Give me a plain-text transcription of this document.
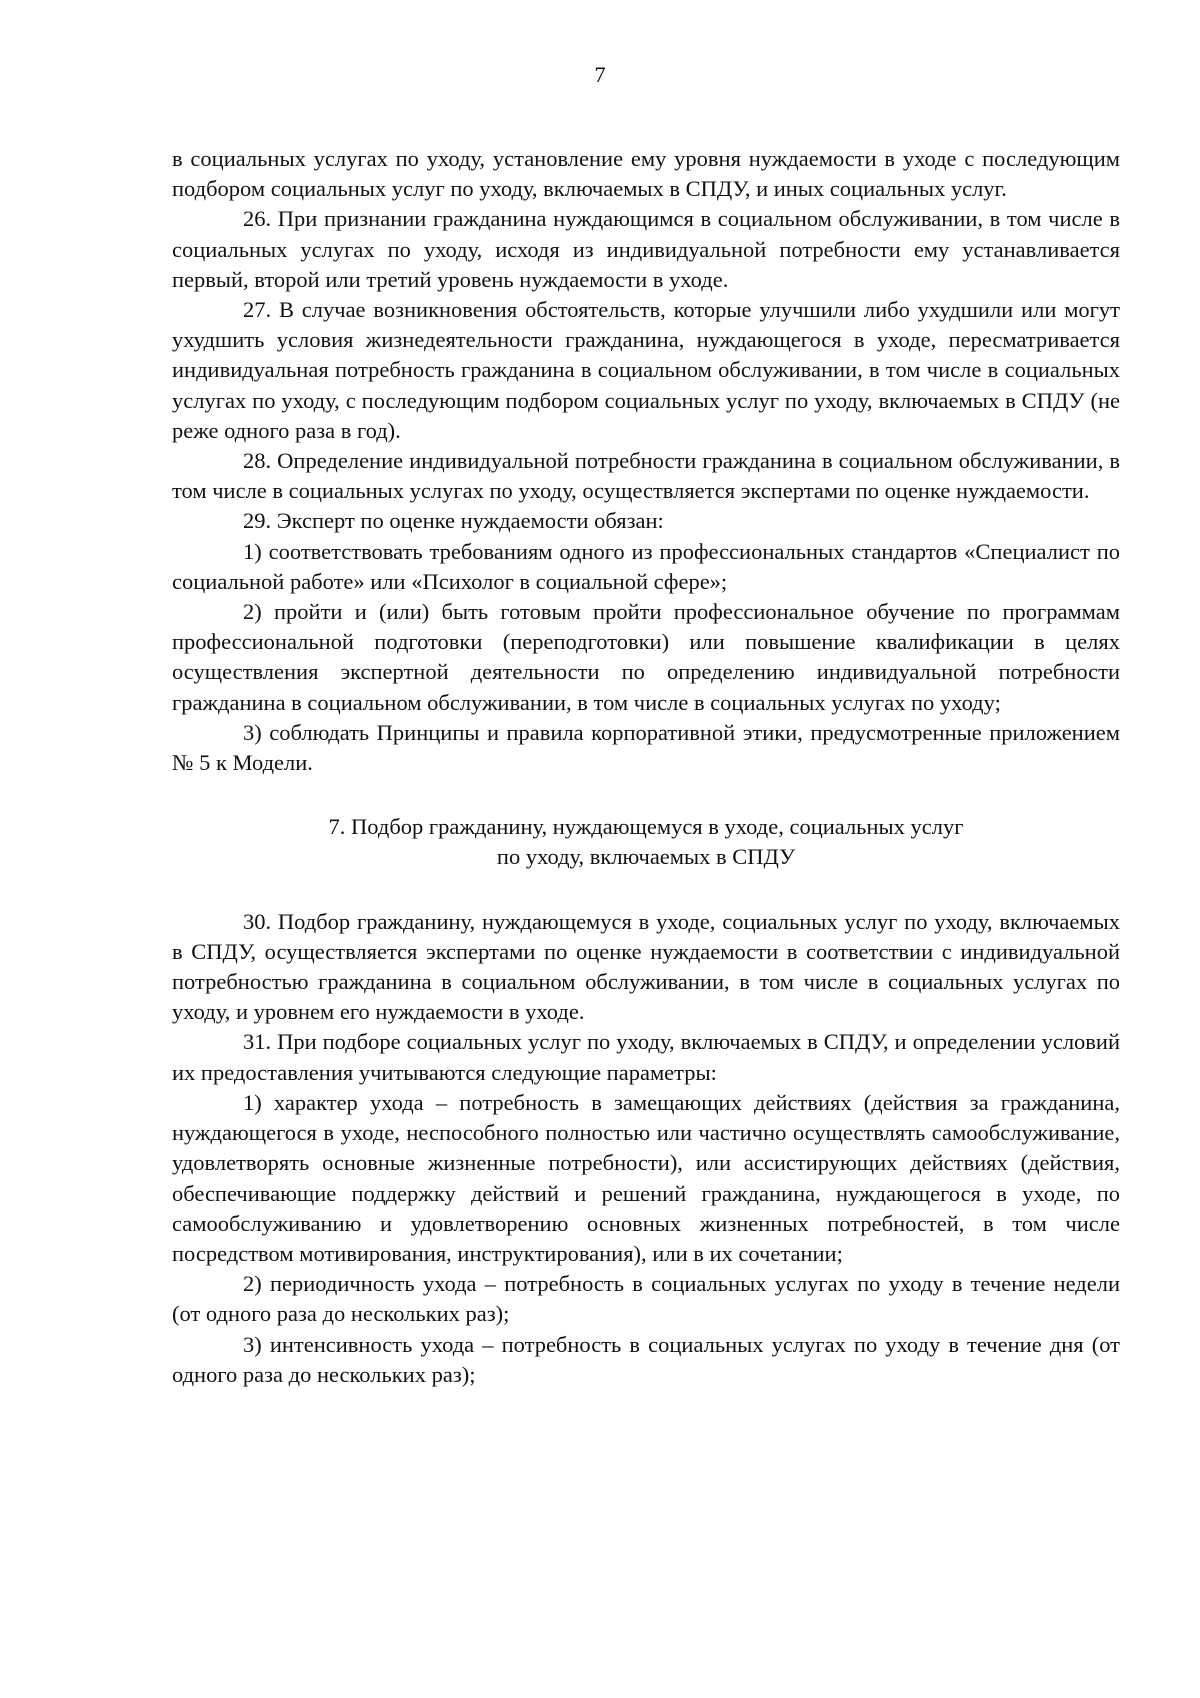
7

в социальных услугах по уходу, установление ему уровня нуждаемости в уходе с последующим подбором социальных услуг по уходу, включаемых в СПДУ, и иных социальных услуг.

26. При признании гражданина нуждающимся в социальном обслуживании, в том числе в социальных услугах по уходу, исходя из индивидуальной потребности ему устанавливается первый, второй или третий уровень нуждаемости в уходе.

27. В случае возникновения обстоятельств, которые улучшили либо ухудшили или могут ухудшить условия жизнедеятельности гражданина, нуждающегося в уходе, пересматривается индивидуальная потребность гражданина в социальном обслуживании, в том числе в социальных услугах по уходу, с последующим подбором социальных услуг по уходу, включаемых в СПДУ (не реже одного раза в год).

28. Определение индивидуальной потребности гражданина в социальном обслуживании, в том числе в социальных услугах по уходу, осуществляется экспертами по оценке нуждаемости.

29. Эксперт по оценке нуждаемости обязан:

1) соответствовать требованиям одного из профессиональных стандартов «Специалист по социальной работе» или «Психолог в социальной сфере»;

2) пройти и (или) быть готовым пройти профессиональное обучение по программам профессиональной подготовки (переподготовки) или повышение квалификации в целях осуществления экспертной деятельности по определению индивидуальной потребности гражданина в социальном обслуживании, в том числе в социальных услугах по уходу;

3) соблюдать Принципы и правила корпоративной этики, предусмотренные приложением № 5 к Модели.

7. Подбор гражданину, нуждающемуся в уходе, социальных услуг
по уходу, включаемых в СПДУ

30. Подбор гражданину, нуждающемуся в уходе, социальных услуг по уходу, включаемых в СПДУ, осуществляется экспертами по оценке нуждаемости в соответствии с индивидуальной потребностью гражданина в социальном обслуживании, в том числе в социальных услугах по уходу, и уровнем его нуждаемости в уходе.

31. При подборе социальных услуг по уходу, включаемых в СПДУ, и определении условий их предоставления учитываются следующие параметры:

1) характер ухода – потребность в замещающих действиях (действия за гражданина, нуждающегося в уходе, неспособного полностью или частично осуществлять самообслуживание, удовлетворять основные жизненные потребности), или ассистирующих действиях (действия, обеспечивающие поддержку действий и решений гражданина, нуждающегося в уходе, по самообслуживанию и удовлетворению основных жизненных потребностей, в том числе посредством мотивирования, инструктирования), или в их сочетании;

2) периодичность ухода – потребность в социальных услугах по уходу в течение недели (от одного раза до нескольких раз);

3) интенсивность ухода – потребность в социальных услугах по уходу в течение дня (от одного раза до нескольких раз);
